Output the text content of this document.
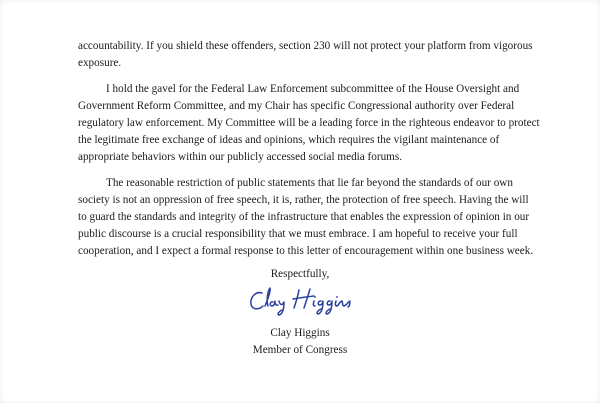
accountability. If you shield these offenders, section 230 will not protect your platform from vigorous exposure.

I hold the gavel for the Federal Law Enforcement subcommittee of the House Oversight and Government Reform Committee, and my Chair has specific Congressional authority over Federal regulatory law enforcement. My Committee will be a leading force in the righteous endeavor to protect the legitimate free exchange of ideas and opinions, which requires the vigilant maintenance of appropriate behaviors within our publicly accessed social media forums.

The reasonable restriction of public statements that lie far beyond the standards of our own society is not an oppression of free speech, it is, rather, the protection of free speech. Having the will to guard the standards and integrity of the infrastructure that enables the expression of opinion in our public discourse is a crucial responsibility that we must embrace. I am hopeful to receive your full cooperation, and I expect a formal response to this letter of encouragement within one business week.

Respectfully,
Clay Higgins
Member of Congress
